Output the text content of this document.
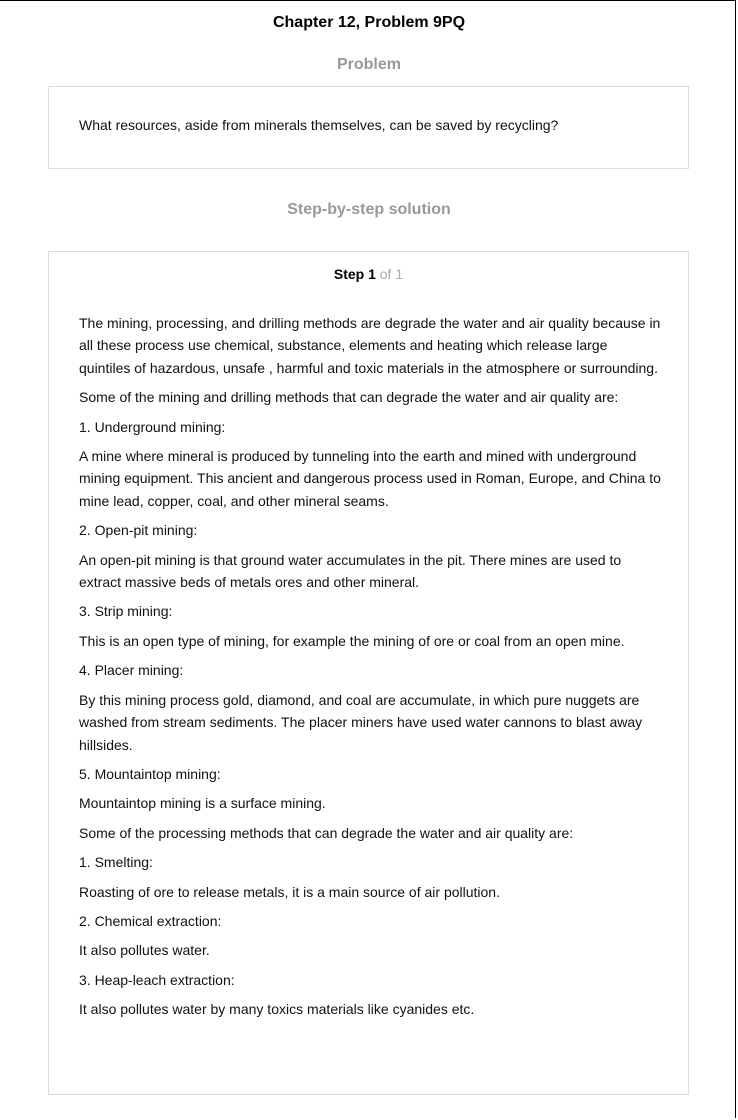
Chapter 12, Problem 9PQ
Problem
What resources, aside from minerals themselves, can be saved by recycling?
Step-by-step solution
Step 1 of 1

The mining, processing, and drilling methods are degrade the water and air quality because in all these process use chemical, substance, elements and heating which release large quintiles of hazardous, unsafe , harmful and toxic materials in the atmosphere or surrounding.

Some of the mining and drilling methods that can degrade the water and air quality are:

1. Underground mining:

A mine where mineral is produced by tunneling into the earth and mined with underground mining equipment. This ancient and dangerous process used in Roman, Europe, and China to mine lead, copper, coal, and other mineral seams.

2. Open-pit mining:

An open-pit mining is that ground water accumulates in the pit. There mines are used to extract massive beds of metals ores and other mineral.

3. Strip mining:

This is an open type of mining, for example the mining of ore or coal from an open mine.

4. Placer mining:

By this mining process gold, diamond, and coal are accumulate, in which pure nuggets are washed from stream sediments. The placer miners have used water cannons to blast away hillsides.

5. Mountaintop mining:

Mountaintop mining is a surface mining.

Some of the processing methods that can degrade the water and air quality are:

1. Smelting:

Roasting of ore to release metals, it is a main source of air pollution.

2. Chemical extraction:

It also pollutes water.

3. Heap-leach extraction:

It also pollutes water by many toxics materials like cyanides etc.
